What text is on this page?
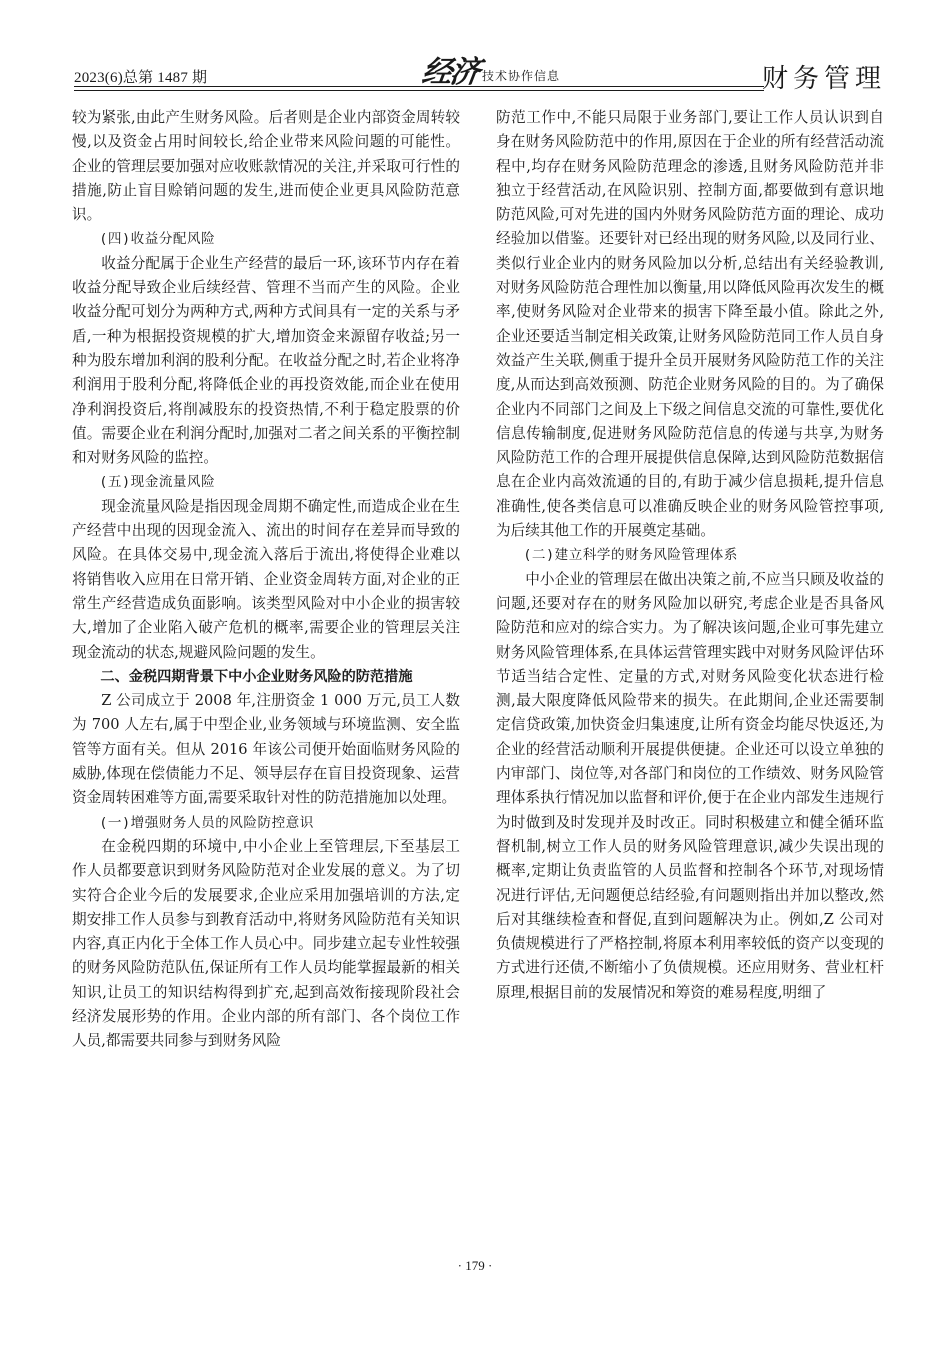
2023(6)总第 1487 期	经济 技术协作信息	财务管理

较为紧张,由此产生财务风险。后者则是企业内部资金周转较慢,以及资金占用时间较长,给企业带来风险问题的可能性。企业的管理层要加强对应收账款情况的关注,并采取可行性的措施,防止盲目赊销问题的发生,进而使企业更具风险防范意识。

(四)收益分配风险

收益分配属于企业生产经营的最后一环,该环节内存在着收益分配导致企业后续经营、管理不当而产生的风险。企业收益分配可划分为两种方式,两种方式间具有一定的关系与矛盾,一种为根据投资规模的扩大,增加资金来源留存收益;另一种为股东增加利润的股利分配。在收益分配之时,若企业将净利润用于股利分配,将降低企业的再投资效能,而企业在使用净利润投资后,将削减股东的投资热情,不利于稳定股票的价值。需要企业在利润分配时,加强对二者之间关系的平衡控制和对财务风险的监控。

(五)现金流量风险

现金流量风险是指因现金周期不确定性,而造成企业在生产经营中出现的因现金流入、流出的时间存在差异而导致的风险。在具体交易中,现金流入落后于流出,将使得企业难以将销售收入应用在日常开销、企业资金周转方面,对企业的正常生产经营造成负面影响。该类型风险对中小企业的损害较大,增加了企业陷入破产危机的概率,需要企业的管理层关注现金流动的状态,规避风险问题的发生。

二、金税四期背景下中小企业财务风险的防范措施

Z 公司成立于 2008 年,注册资金 1 000 万元,员工人数为 700 人左右,属于中型企业,业务领域与环境监测、安全监管等方面有关。但从 2016 年该公司便开始面临财务风险的威胁,体现在偿债能力不足、领导层存在盲目投资现象、运营资金周转困难等方面,需要采取针对性的防范措施加以处理。

(一)增强财务人员的风险防控意识

在金税四期的环境中,中小企业上至管理层,下至基层工作人员都要意识到财务风险防范对企业发展的意义。为了切实符合企业今后的发展要求,企业应采用加强培训的方法,定期安排工作人员参与到教育活动中,将财务风险防范有关知识内容,真正内化于全体工作人员心中。同步建立起专业性较强的财务风险防范队伍,保证所有工作人员均能掌握最新的相关知识,让员工的知识结构得到扩充,起到高效衔接现阶段社会经济发展形势的作用。企业内部的所有部门、各个岗位工作人员,都需要共同参与到财务风险

防范工作中,不能只局限于业务部门,要让工作人员认识到自身在财务风险防范中的作用,原因在于企业的所有经营活动流程中,均存在财务风险防范理念的渗透,且财务风险防范并非独立于经营活动,在风险识别、控制方面,都要做到有意识地防范风险,可对先进的国内外财务风险防范方面的理论、成功经验加以借鉴。还要针对已经出现的财务风险,以及同行业、类似行业企业内的财务风险加以分析,总结出有关经验教训,对财务风险防范合理性加以衡量,用以降低风险再次发生的概率,使财务风险对企业带来的损害下降至最小值。除此之外,企业还要适当制定相关政策,让财务风险防范同工作人员自身效益产生关联,侧重于提升全员开展财务风险防范工作的关注度,从而达到高效预测、防范企业财务风险的目的。为了确保企业内不同部门之间及上下级之间信息交流的可靠性,要优化信息传输制度,促进财务风险防范信息的传递与共享,为财务风险防范工作的合理开展提供信息保障,达到风险防范数据信息在企业内高效流通的目的,有助于减少信息损耗,提升信息准确性,使各类信息可以准确反映企业的财务风险管控事项,为后续其他工作的开展奠定基础。

(二)建立科学的财务风险管理体系

中小企业的管理层在做出决策之前,不应当只顾及收益的问题,还要对存在的财务风险加以研究,考虑企业是否具备风险防范和应对的综合实力。为了解决该问题,企业可事先建立财务风险管理体系,在具体运营管理实践中对财务风险评估环节适当结合定性、定量的方式,对财务风险变化状态进行检测,最大限度降低风险带来的损失。在此期间,企业还需要制定信贷政策,加快资金归集速度,让所有资金均能尽快返还,为企业的经营活动顺利开展提供便捷。企业还可以设立单独的内审部门、岗位等,对各部门和岗位的工作绩效、财务风险管理体系执行情况加以监督和评价,便于在企业内部发生违规行为时做到及时发现并及时改正。同时积极建立和健全循环监督机制,树立工作人员的财务风险管理意识,减少失误出现的概率,定期让负责监管的人员监督和控制各个环节,对现场情况进行评估,无问题便总结经验,有问题则指出并加以整改,然后对其继续检查和督促,直到问题解决为止。例如,Z 公司对负债规模进行了严格控制,将原本利用率较低的资产以变现的方式进行还债,不断缩小了负债规模。还应用财务、营业杠杆原理,根据目前的发展情况和筹资的难易程度,明细了

· 179 ·
